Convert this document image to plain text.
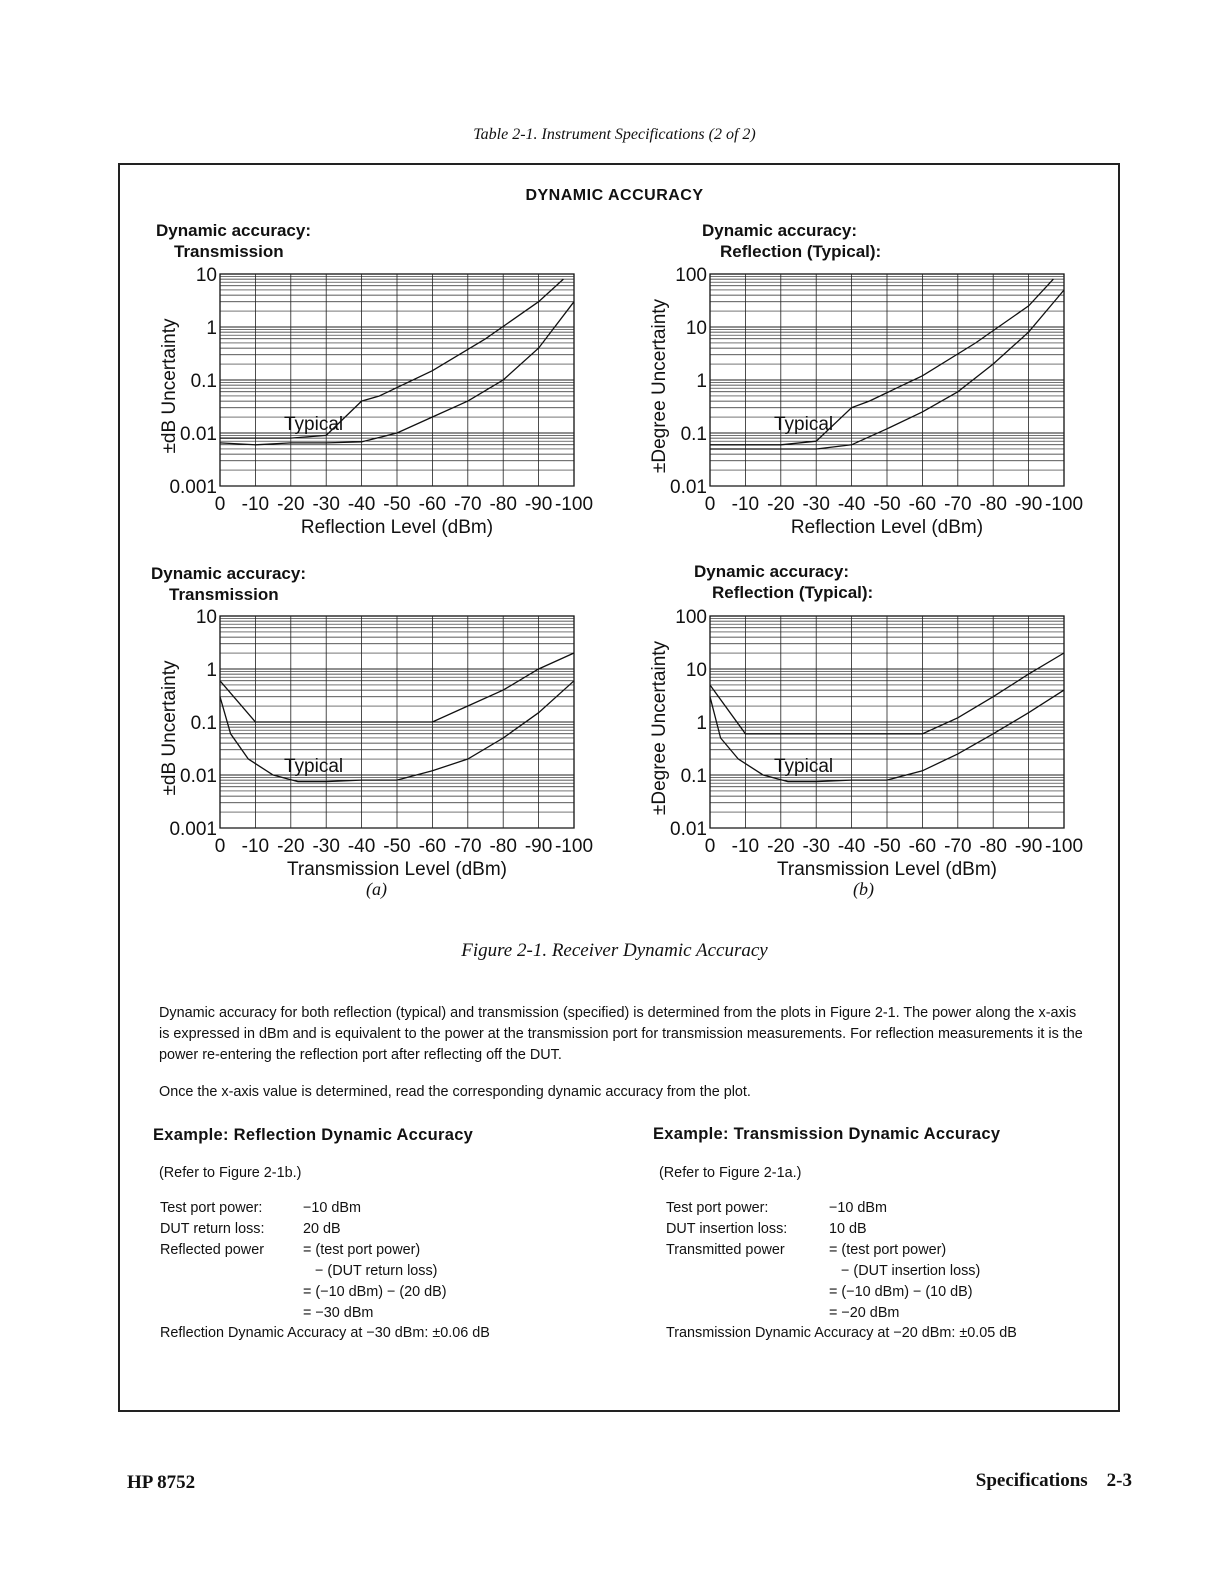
Table 2-1. Instrument Specifications (2 of 2)
DYNAMIC ACCURACY
Dynamic accuracy:
Transmission
Dynamic accuracy:
Reflection (Typical):
Dynamic accuracy:
Transmission
Dynamic accuracy:
Reflection (Typical):
Typical
10
1
0.1
0.01
0.001
0 -10 -20 -30 -40 -50 -60 -70 -80 -90 -100
Reflection Level (dBm)
±dB Uncertainty	Typical
100
10
1
0.1
0.01
0 -10 -20 -30 -40 -50 -60 -70 -80 -90 -100
Reflection Level (dBm)
±Degree Uncertainty
Typical
10
1
0.1
0.01
0.001
0 -10 -20 -30 -40 -50 -60 -70 -80 -90 -100
Transmission Level (dBm)
±dB Uncertainty	Typical
100
10
1
0.1
0.01
0 -10 -20 -30 -40 -50 -60 -70 -80 -90 -100
Transmission Level (dBm)
±Degree Uncertainty
(a)	(b)
Figure 2-1. Receiver Dynamic Accuracy
Dynamic accuracy for both reflection (typical) and transmission (specified) is determined from the plots in Figure 2-1. The power along the x-axis is expressed in dBm and is equivalent to the power at the transmission port for transmission measurements. For reflection measurements it is the power re-entering the reflection port after reflecting off the DUT.
Once the x-axis value is determined, read the corresponding dynamic accuracy from the plot.
Example: Reflection Dynamic Accuracy
(Refer to Figure 2-1b.)
Test port power:	−10 dBm
DUT return loss:	20 dB
Reflected power	= (test port power)
− (DUT return loss)
= (−10 dBm) − (20 dB)
= −30 dBm
Reflection Dynamic Accuracy at −30 dBm: ±0.06 dB
Example: Transmission Dynamic Accuracy
(Refer to Figure 2-1a.)
Test port power:	−10 dBm
DUT insertion loss:	10 dB
Transmitted power	= (test port power)
− (DUT insertion loss)
= (−10 dBm) − (10 dB)
= −20 dBm
Transmission Dynamic Accuracy at −20 dBm: ±0.05 dB
HP 8752	Specifications    2-3
